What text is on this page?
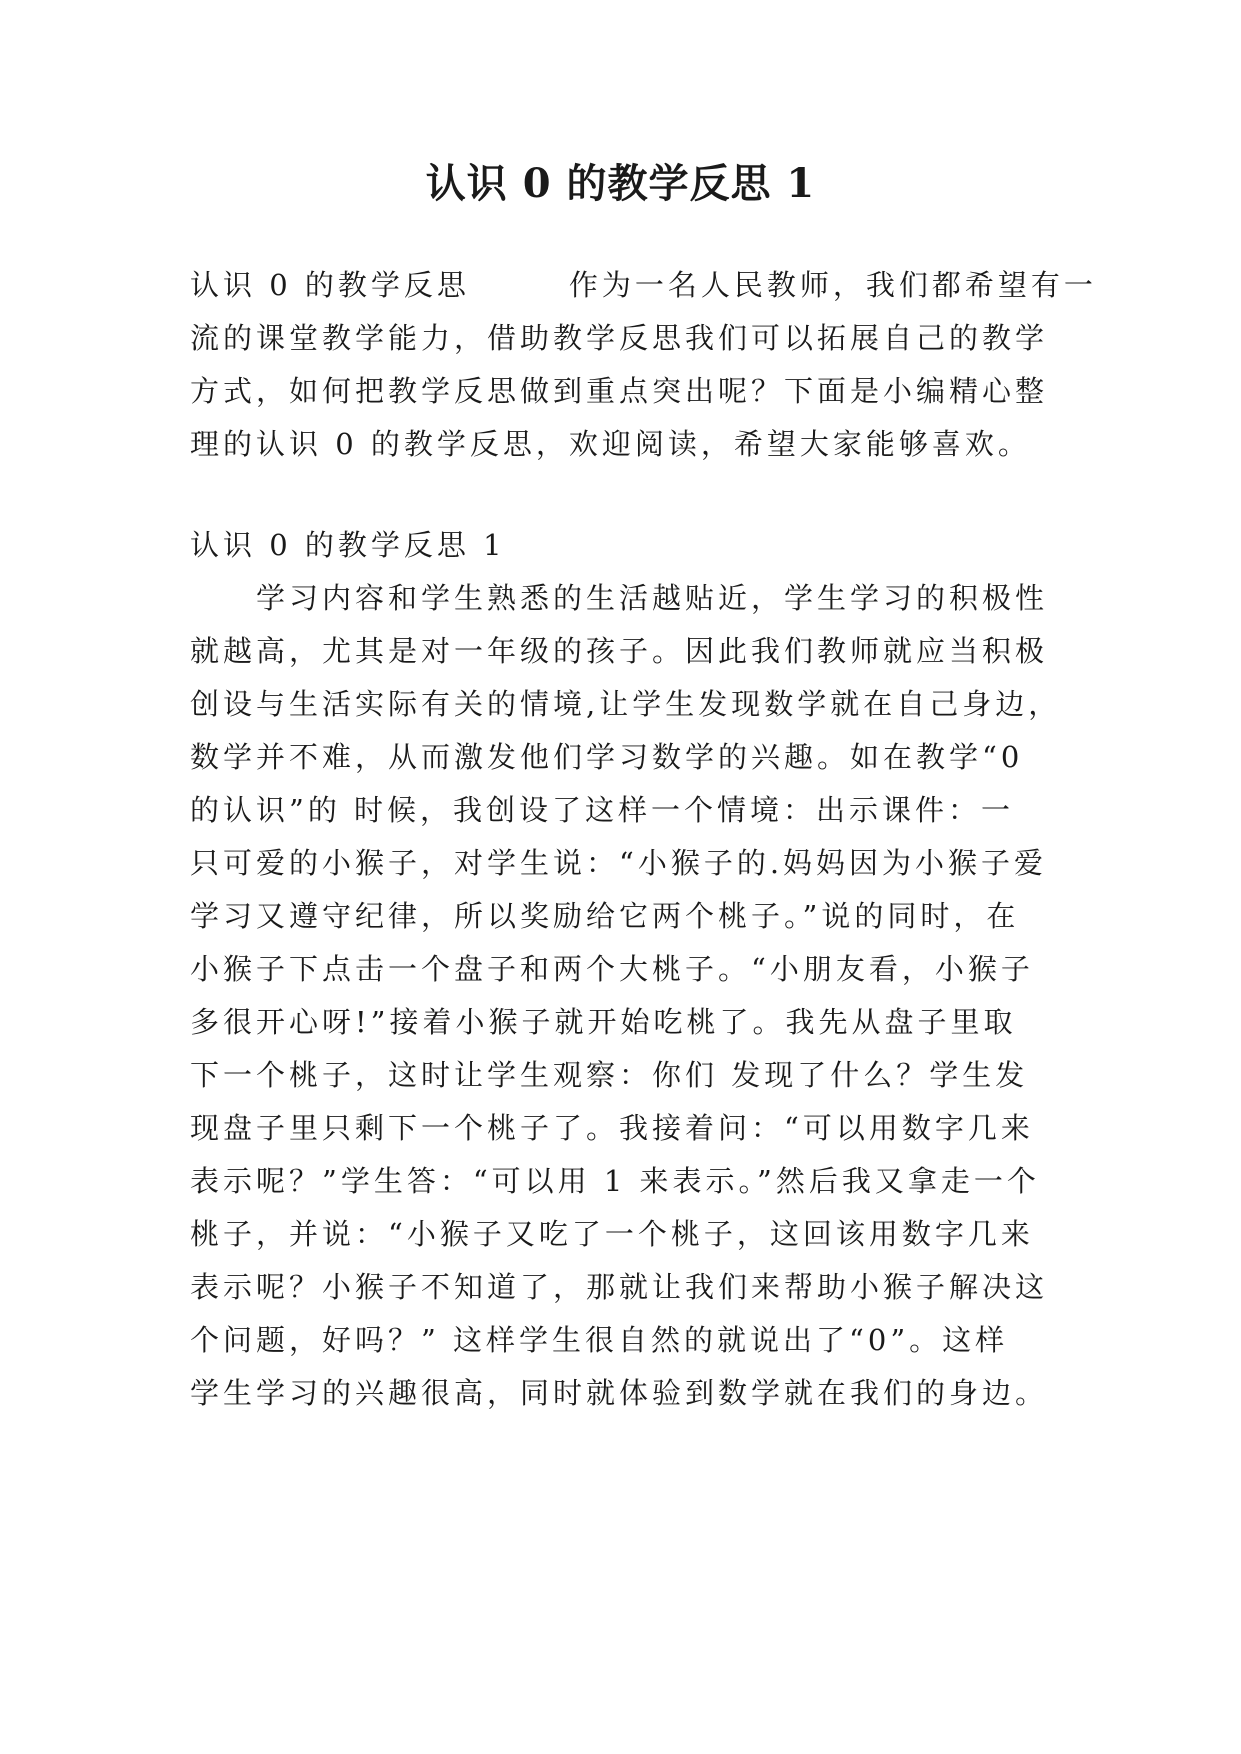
认识 0 的教学反思 1
认识 0 的教学反思　　　作为一名人民教师，我们都希望有一
流的课堂教学能力，借助教学反思我们可以拓展自己的教学
方式，如何把教学反思做到重点突出呢？下面是小编精心整
理的认识 0 的教学反思，欢迎阅读，希望大家能够喜欢。
认识 0 的教学反思 1
　　学习内容和学生熟悉的生活越贴近，学生学习的积极性
就越高，尤其是对一年级的孩子。因此我们教师就应当积极
创设与生活实际有关的情境,让学生发现数学就在自己身边，
数学并不难，从而激发他们学习数学的兴趣。如在教学“0
的认识”的 时候，我创设了这样一个情境：出示课件：一
只可爱的小猴子，对学生说：“小猴子的.妈妈因为小猴子爱
学习又遵守纪律，所以奖励给它两个桃子。”说的同时，在
小猴子下点击一个盘子和两个大桃子。“小朋友看，小猴子
多很开心呀!”接着小猴子就开始吃桃了。我先从盘子里取
下一个桃子，这时让学生观察：你们 发现了什么？学生发
现盘子里只剩下一个桃子了。我接着问：“可以用数字几来
表示呢？”学生答：“可以用 1 来表示。”然后我又拿走一个
桃子，并说：“小猴子又吃了一个桃子，这回该用数字几来
表示呢？小猴子不知道了，那就让我们来帮助小猴子解决这
个问题，好吗？” 这样学生很自然的就说出了“0”。这样
学生学习的兴趣很高，同时就体验到数学就在我们的身边。
